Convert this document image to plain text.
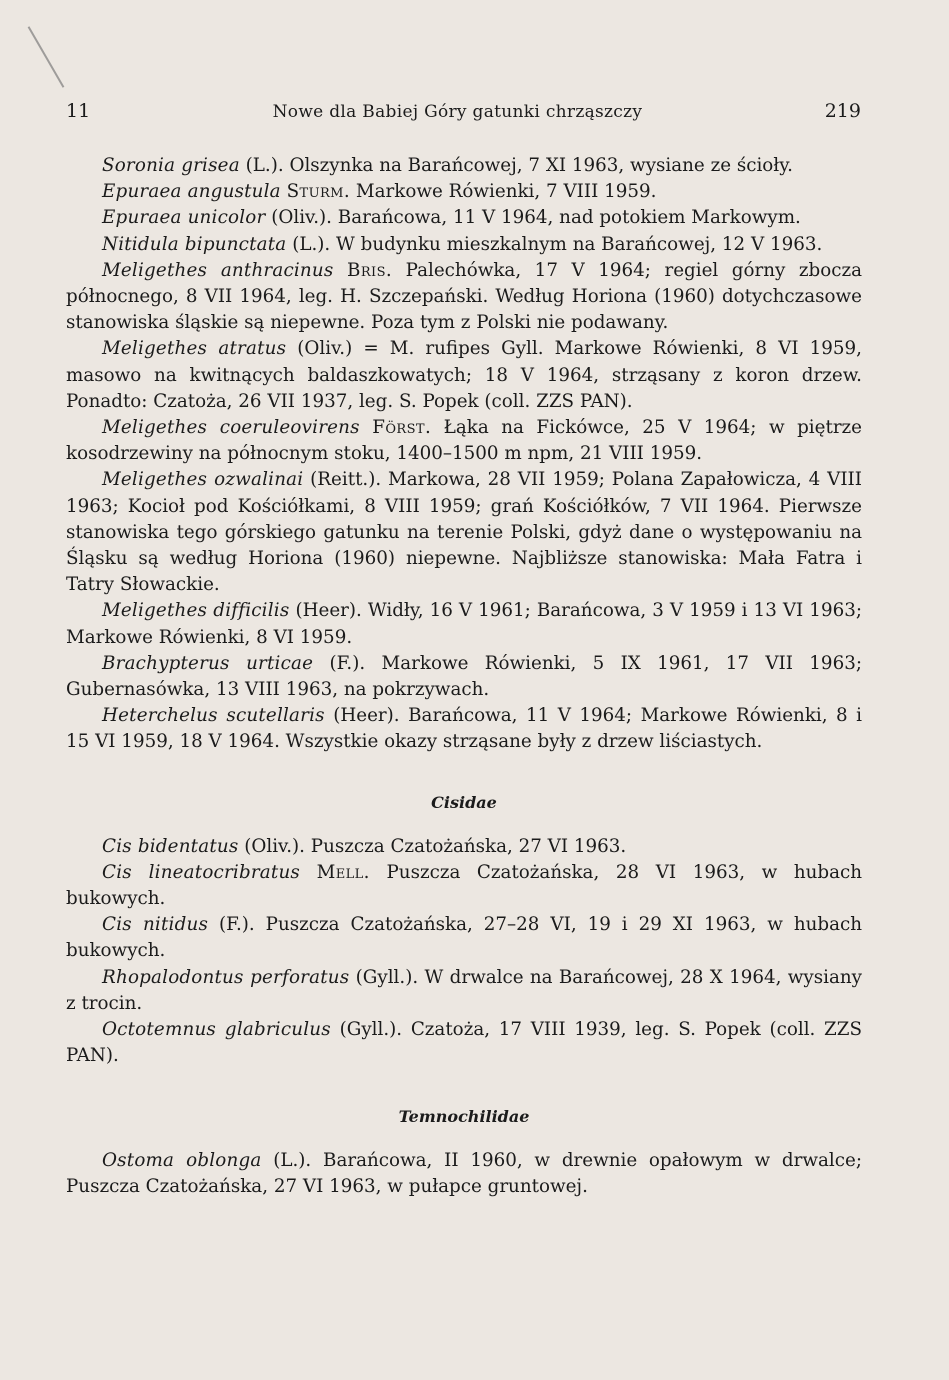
11	Nowe dla Babiej Góry gatunki chrząszczy	219

Soronia grisea (L.). Olszynka na Barańcowej, 7 XI 1963, wysiane ze ścioły.

Epuraea angustula Sturm. Markowe Rówienki, 7 VIII 1959.

Epuraea unicolor (Oliv.). Barańcowa, 11 V 1964, nad potokiem Markowym.

Nitidula bipunctata (L.). W budynku mieszkalnym na Barańcowej, 12 V 1963.

Meligethes anthracinus Bris. Palechówka, 17 V 1964; regiel górny zbocza północnego, 8 VII 1964, leg. H. Szczepański. Według Horiona (1960) dotychczasowe stanowiska śląskie są niepewne. Poza tym z Polski nie podawany.

Meligethes atratus (Oliv.) = M. rufipes Gyll. Markowe Rówienki, 8 VI 1959, masowo na kwitnących baldaszkowatych; 18 V 1964, strząsany z koron drzew. Ponadto: Czatoża, 26 VII 1937, leg. S. Popek (coll. ZZS PAN).

Meligethes coeruleovirens Först. Łąka na Fickówce, 25 V 1964; w piętrze kosodrzewiny na północnym stoku, 1400–1500 m npm, 21 VIII 1959.

Meligethes ozwalinai (Reitt.). Markowa, 28 VII 1959; Polana Zapałowicza, 4 VIII 1963; Kocioł pod Kościółkami, 8 VIII 1959; grań Kościółków, 7 VII 1964. Pierwsze stanowiska tego górskiego gatunku na terenie Polski, gdyż dane o występowaniu na Śląsku są według Horiona (1960) niepewne. Najbliższe stanowiska: Mała Fatra i Tatry Słowackie.

Meligethes difficilis (Heer). Widły, 16 V 1961; Barańcowa, 3 V 1959 i 13 VI 1963; Markowe Rówienki, 8 VI 1959.

Brachypterus urticae (F.). Markowe Rówienki, 5 IX 1961, 17 VII 1963; Gubernasówka, 13 VIII 1963, na pokrzywach.

Heterchelus scutellaris (Heer). Barańcowa, 11 V 1964; Markowe Rówienki, 8 i 15 VI 1959, 18 V 1964. Wszystkie okazy strząsane były z drzew liściastych.

Cisidae

Cis bidentatus (Oliv.). Puszcza Czatożańska, 27 VI 1963.

Cis lineatocribratus Mell. Puszcza Czatożańska, 28 VI 1963, w hubach bukowych.

Cis nitidus (F.). Puszcza Czatożańska, 27–28 VI, 19 i 29 XI 1963, w hubach bukowych.

Rhopalodontus perforatus (Gyll.). W drwalce na Barańcowej, 28 X 1964, wysiany z trocin.

Octotemnus glabriculus (Gyll.). Czatoża, 17 VIII 1939, leg. S. Popek (coll. ZZS PAN).

Temnochilidae

Ostoma oblonga (L.). Barańcowa, II 1960, w drewnie opałowym w drwalce; Puszcza Czatożańska, 27 VI 1963, w pułapce gruntowej.
